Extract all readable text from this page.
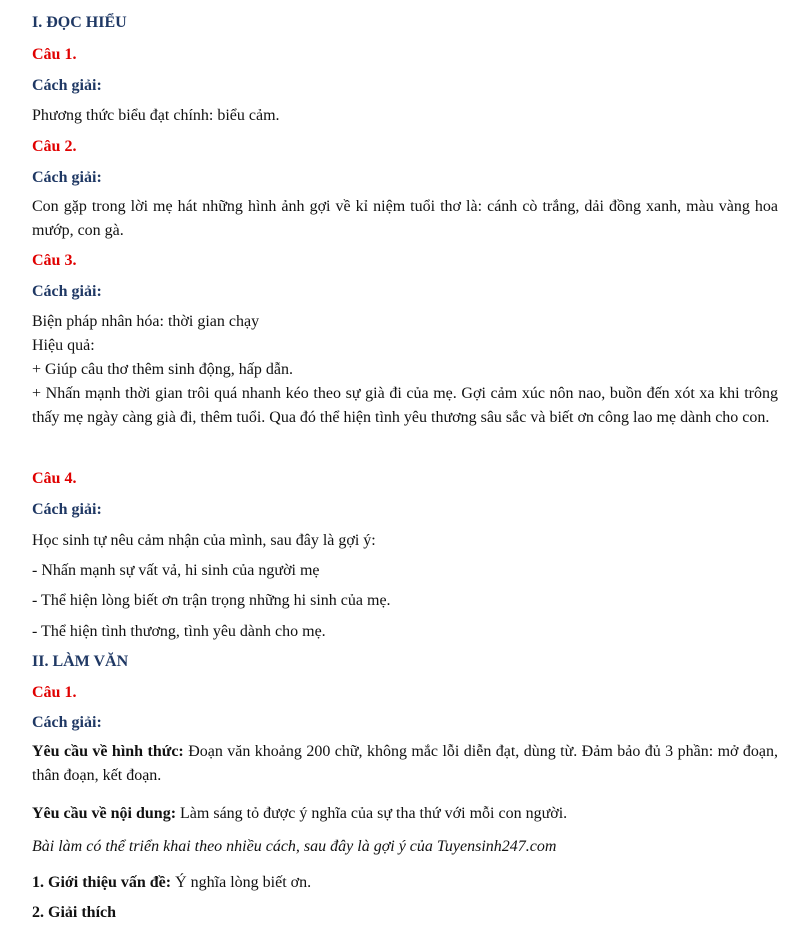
I. ĐỌC HIỂU
Câu 1.
Cách giải:
Phương thức biểu đạt chính: biểu cảm.
Câu 2.
Cách giải:
Con gặp trong lời mẹ hát những hình ảnh gợi về kỉ niệm tuổi thơ là: cánh cò trắng, dải đồng xanh, màu vàng hoa mướp, con gà.
Câu 3.
Cách giải:
Biện pháp nhân hóa: thời gian chạy
Hiệu quả:
+ Giúp câu thơ thêm sinh động, hấp dẫn.
+ Nhấn mạnh thời gian trôi quá nhanh kéo theo sự già đi của mẹ. Gợi cảm xúc nôn nao, buồn đến xót xa khi trông thấy mẹ ngày càng già đi, thêm tuổi. Qua đó thể hiện tình yêu thương sâu sắc và biết ơn công lao mẹ dành cho con.
Câu 4.
Cách giải:
Học sinh tự nêu cảm nhận của mình, sau đây là gợi ý:
- Nhấn mạnh sự vất vả, hi sinh của người mẹ
- Thể hiện lòng biết ơn trận trọng những hi sinh của mẹ.
- Thể hiện tình thương, tình yêu dành cho mẹ.
II. LÀM VĂN
Câu 1.
Cách giải:
Yêu cầu về hình thức: Đoạn văn khoảng 200 chữ, không mắc lỗi diễn đạt, dùng từ. Đảm bảo đủ 3 phần: mở đoạn, thân đoạn, kết đoạn.
Yêu cầu về nội dung: Làm sáng tỏ được ý nghĩa của sự tha thứ với mỗi con người.
Bài làm có thể triển khai theo nhiều cách, sau đây là gợi ý của Tuyensinh247.com
1. Giới thiệu vấn đề: Ý nghĩa lòng biết ơn.
2. Giải thích
